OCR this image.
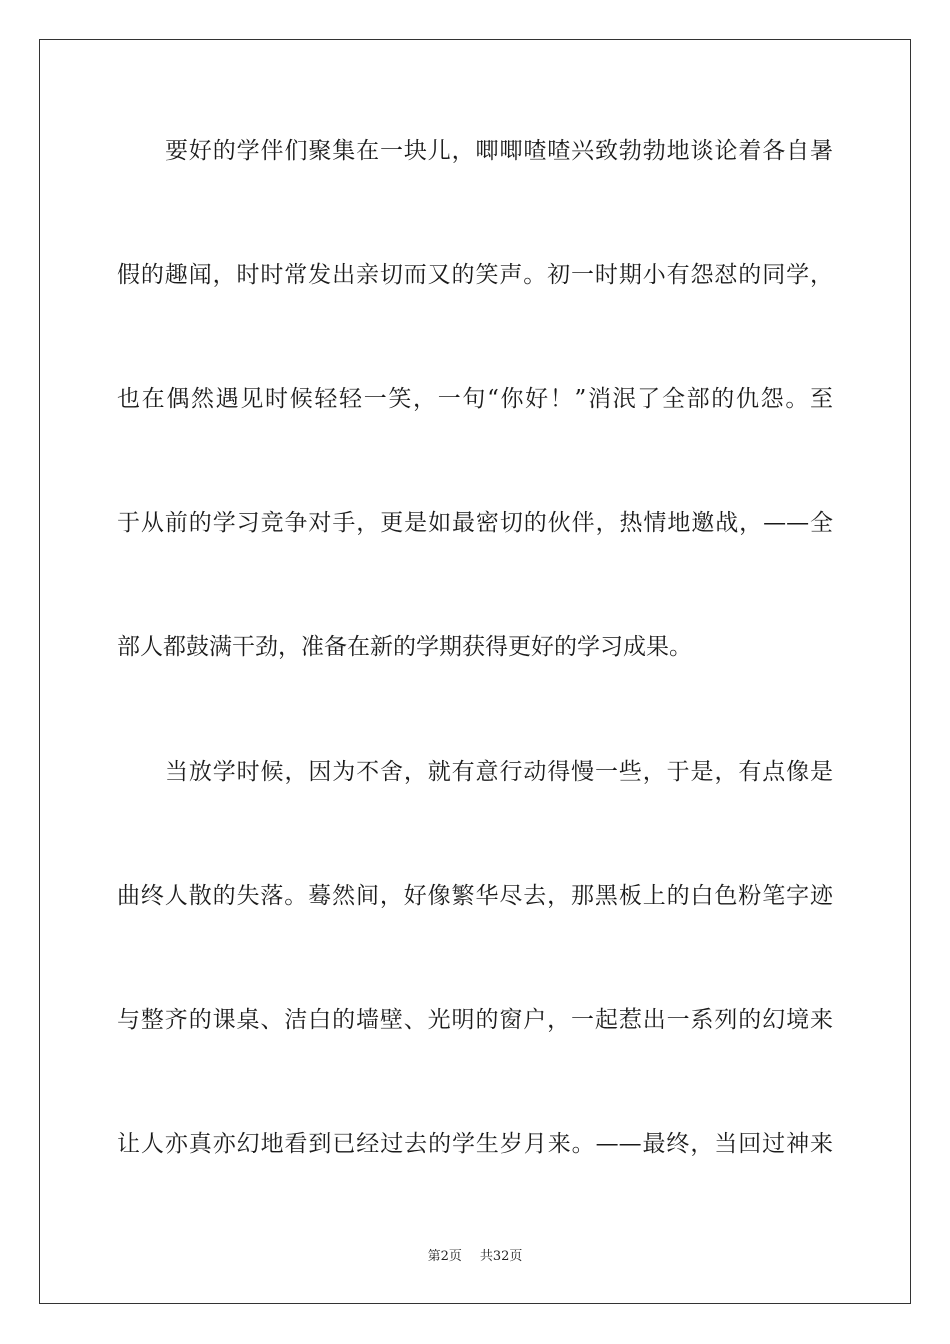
要好的学伴们聚集在一块儿，唧唧喳喳兴致勃勃地谈论着各自暑
假的趣闻，时时常发出亲切而又的笑声。初一时期小有怨怼的同学，
也在偶然遇见时候轻轻一笑，一句“你好！”消泯了全部的仇怨。至
于从前的学习竞争对手，更是如最密切的伙伴，热情地邀战，——全
部人都鼓满干劲，准备在新的学期获得更好的学习成果。
当放学时候，因为不舍，就有意行动得慢一些，于是，有点像是
曲终人散的失落。蓦然间，好像繁华尽去，那黑板上的白色粉笔字迹
与整齐的课桌、洁白的墙壁、光明的窗户，一起惹出一系列的幻境来
让人亦真亦幻地看到已经过去的学生岁月来。——最终，当回过神来
第2页 共32页
